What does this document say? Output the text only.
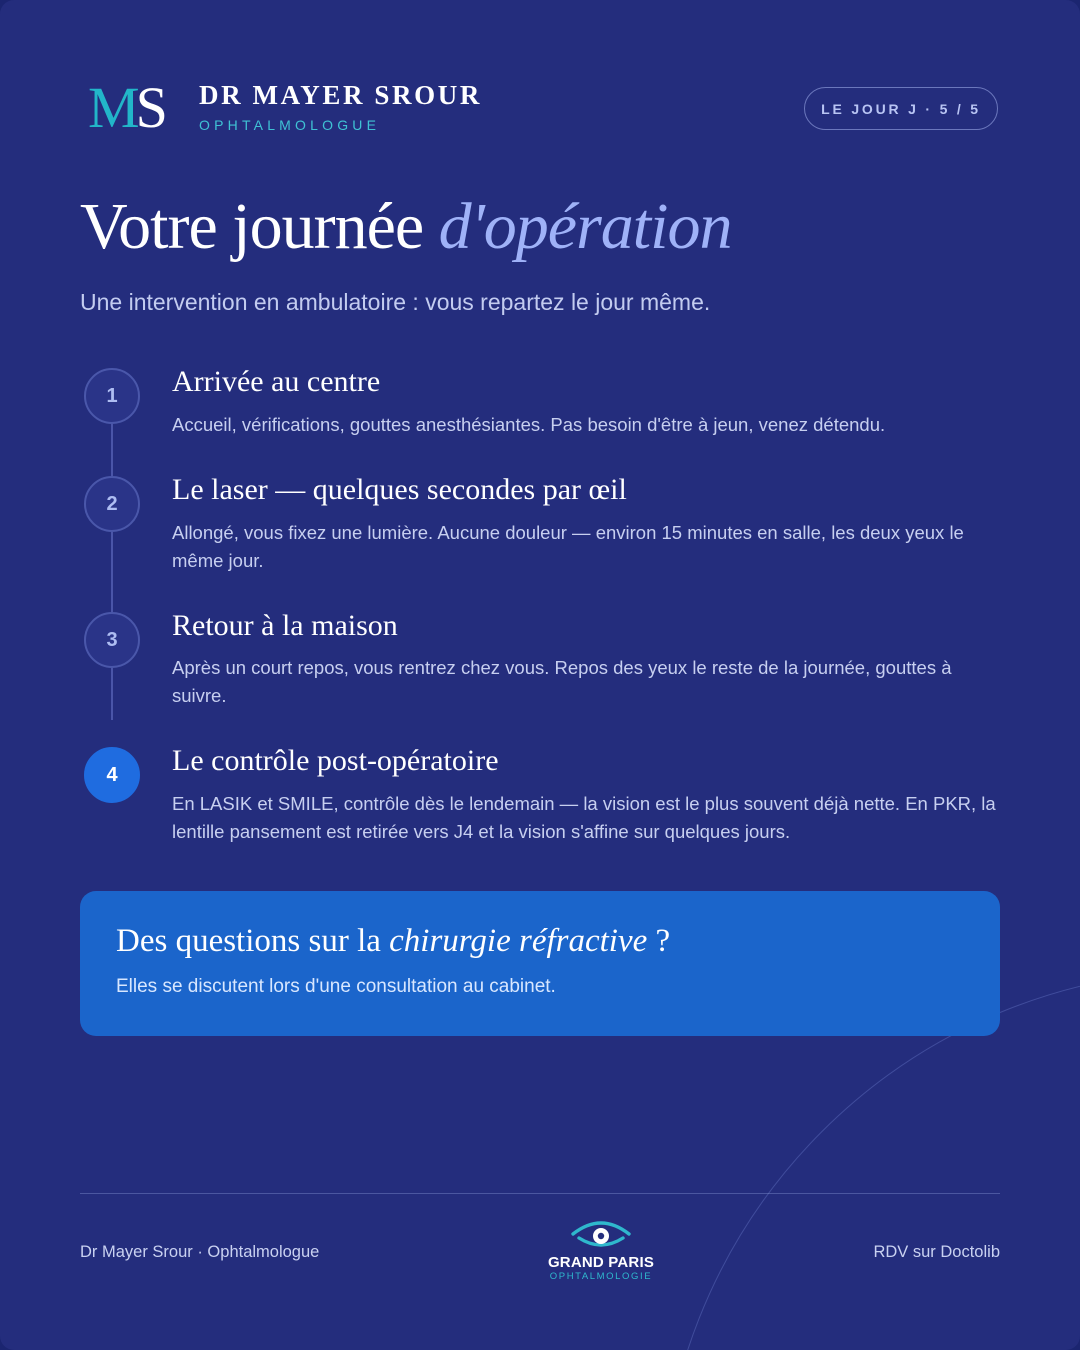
MS DR MAYER SROUR
OPHTALMOLOGUE
LE JOUR J · 5 / 5
Votre journée d'opération
Une intervention en ambulatoire : vous repartez le jour même.
1	Arrivée au centre

Accueil, vérifications, gouttes anesthésiantes. Pas besoin d'être à jeun, venez détendu.

2	Le laser — quelques secondes par œil

Allongé, vous fixez une lumière. Aucune douleur — environ 15 minutes en salle, les deux yeux le même jour.

3	Retour à la maison

Après un court repos, vous rentrez chez vous. Repos des yeux le reste de la journée, gouttes à suivre.

4	Le contrôle post-opératoire

En LASIK et SMILE, contrôle dès le lendemain — la vision est le plus souvent déjà nette. En PKR, la lentille pansement est retirée vers J4 et la vision s'affine sur quelques jours.

Des questions sur la chirurgie réfractive ?
Elles se discutent lors d'une consultation au cabinet.
Dr Mayer Srour · Ophtalmologue
GRAND PARIS
OPHTALMOLOGIE
RDV sur Doctolib
